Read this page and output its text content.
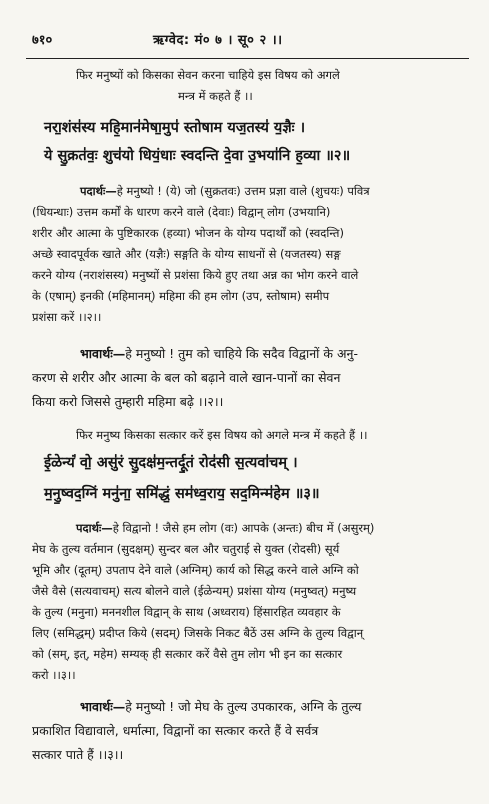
७१०	ऋग्वेद: मं० ७ । सू० २ ।।
फिर मनुष्यों को किसका सेवन करना चाहिये इस विषय को अगले
मन्त्र में कहते हैं ।।
नरा॒शंस॑स्य महि॒मान॑मेषा॒मुप॑ स्तोषाम यज॒तस्य॑ य॒ज्ञैः ।
ये सु॒क्रत॑वः॒ शुच॑यो धियं॒धाः स्वदन्ति दे॒वा उ॒भया॑नि ह॒व्या ॥२॥
पदार्थः—हे मनुष्यो ! (ये) जो (सुक्रतवः) उत्तम प्रज्ञा वाले (शुचयः) पवित्र
(धियन्धाः) उत्तम कर्मों के धारण करने वाले (देवाः) विद्वान् लोग (उभयानि)
शरीर और आत्मा के पुष्टिकारक (हव्या) भोजन के योग्य पदार्थों को (स्वदन्ति)
अच्छे स्वादपूर्वक खाते और (यज्ञैः) सङ्गति के योग्य साधनों से (यजतस्य) सङ्ग
करने योग्य (नराशंसस्य) मनुष्यों से प्रशंसा किये हुए तथा अन्न का भोग करने वाले
के (एषाम्) इनकी (महिमानम्) महिमा की हम लोग (उप, स्तोषाम) समीप
प्रशंसा करें ।।२।।
भावार्थः—हे मनुष्यो ! तुम को चाहिये कि सदैव विद्वानों के अनु-
करण से शरीर और आत्मा के बल को बढ़ाने वाले खान-पानों का सेवन
किया करो जिससे तुम्हारी महिमा बढ़े ।।२।।
फिर मनुष्य किसका सत्कार करें इस विषय को अगले मन्त्र में कहते हैं ।।
ई॒ळेन्यं॑ वो॒ असु॑रं सु॒दक्ष॑म॒न्तर्दू॒तं रोद॑सी स॒त्यवा॑चम् ।
म॒नु॒ष्वद॒ग्निं मनु॑ना॒ समि॑द्धं॒ सम॑ध्व॒राय॒ सद॒मिन्म॑हेम ॥३॥
पदार्थः—हे विद्वानो ! जैसे हम लोग (वः) आपके (अन्तः) बीच में (असुरम्)
मेघ के तुल्य वर्तमान (सुदक्षम्) सुन्दर बल और चतुराई से युक्त (रोदसी) सूर्य
भूमि और (दूतम्) उपताप देने वाले (अग्निम्) कार्य को सिद्ध करने वाले अग्नि को
जैसे वैसे (सत्यवाचम्) सत्य बोलने वाले (ईळेन्यम्) प्रशंसा योग्य (मनुष्वत्) मनुष्य
के तुल्य (मनुना) मननशील विद्वान् के साथ (अध्वराय) हिंसारहित व्यवहार के
लिए (समिद्धम्) प्रदीप्त किये (सदम्) जिसके निकट बैठें उस अग्नि के तुल्य विद्वान्
को (सम्, इत्, महेम) सम्यक् ही सत्कार करें वैसे तुम लोग भी इन का सत्कार
करो ।।३।।
भावार्थः—हे मनुष्यो ! जो मेघ के तुल्य उपकारक, अग्नि के तुल्य
प्रकाशित विद्यावाले, धर्मात्मा, विद्वानों का सत्कार करते हैं वे सर्वत्र
सत्कार पाते हैं ।।३।।
